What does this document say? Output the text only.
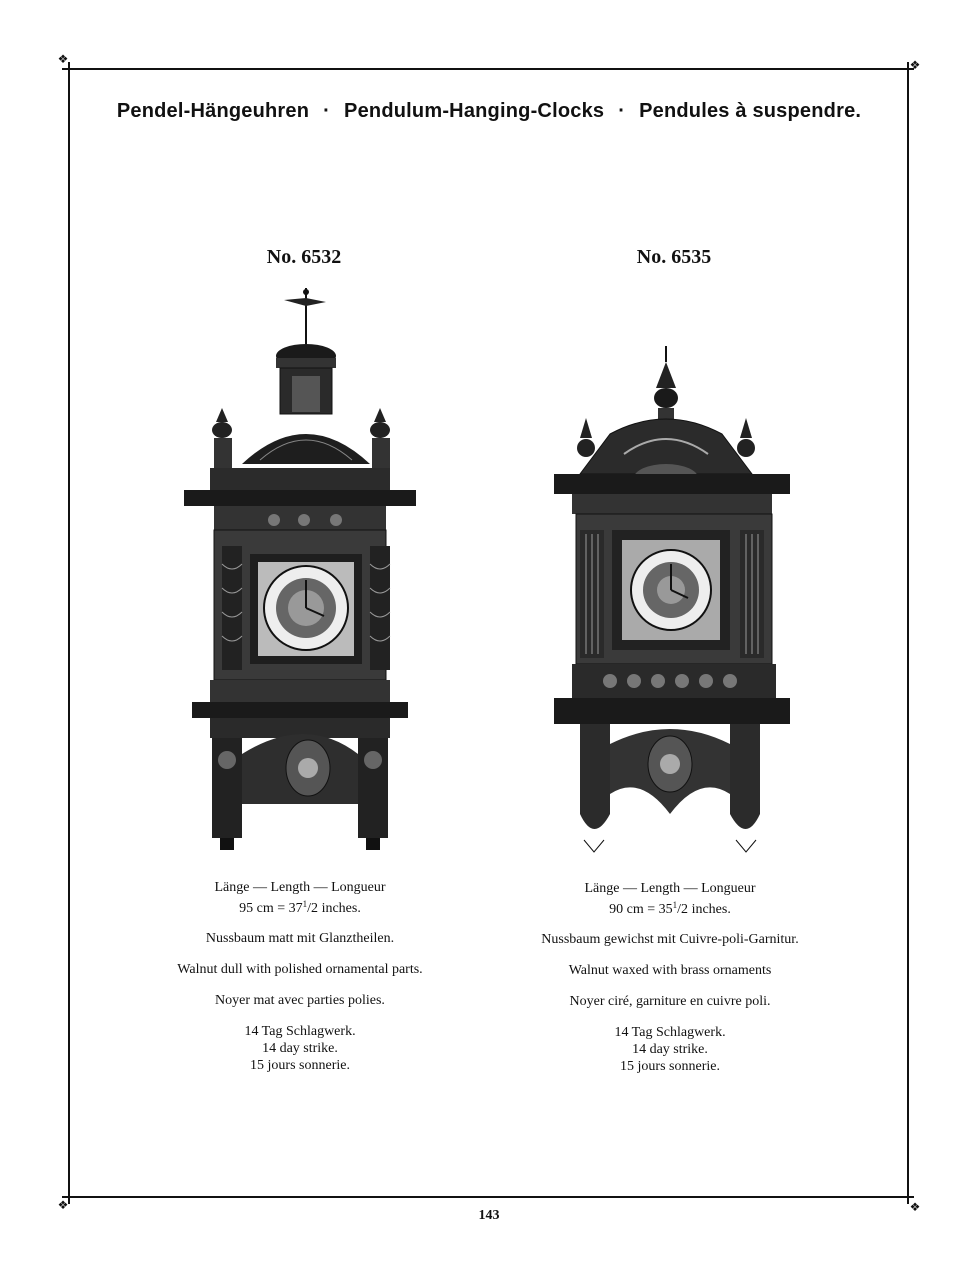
❖	❖
❖	❖
Pendel-Hängeuhren · Pendulum-Hanging-Clocks · Pendules à suspendre.
No. 6532	No. 6535
Länge — Length — Longueur
95 cm = $37^1/2$ inches.
Nussbaum matt mit Glanztheilen.
Walnut dull with polished ornamental parts.
Noyer mat avec parties polies.
14 Tag Schlagwerk.
14 day strike.
15 jours sonnerie.
Länge — Length — Longueur
90 cm = $35^1/2$ inches.
Nussbaum gewichst mit Cuivre-poli-Garnitur.
Walnut waxed with brass ornaments
Noyer ciré, garniture en cuivre poli.
14 Tag Schlagwerk.
14 day strike.
15 jours sonnerie.
143
